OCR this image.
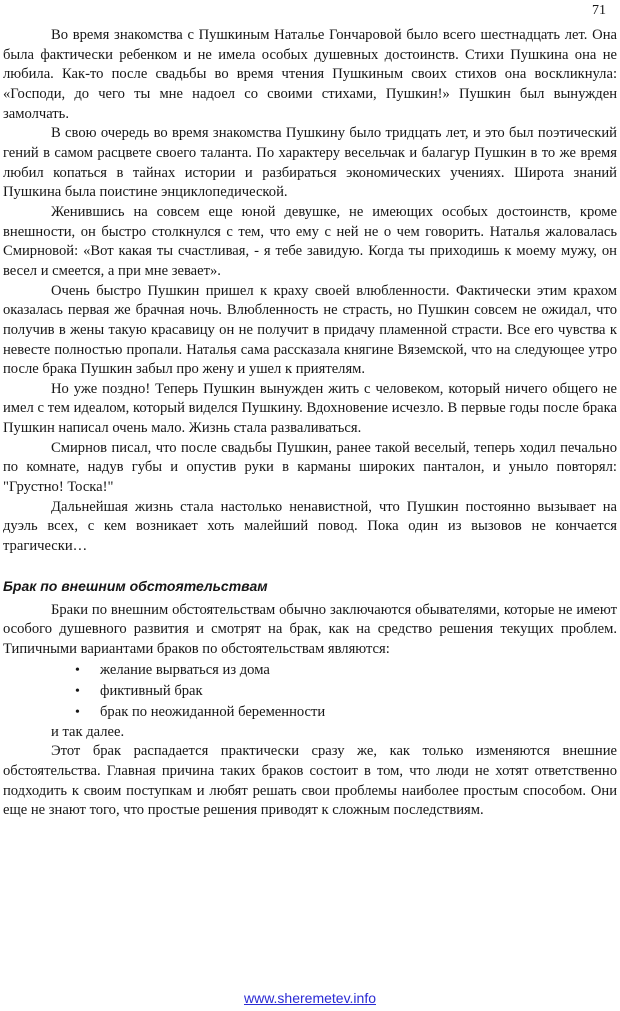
71

Во время знакомства с Пушкиным Наталье Гончаровой было всего шестнадцать лет. Она была фактически ребенком и не имела особых душевных достоинств. Стихи Пушкина она не любила. Как-то после свадьбы во время чтения Пушкиным своих стихов она воскликнула: «Господи, до чего ты мне надоел со своими стихами, Пушкин!» Пушкин был вынужден замолчать.

В свою очередь во время знакомства Пушкину было тридцать лет, и это был поэтический гений в самом расцвете своего таланта. По характеру весельчак и балагур Пушкин в то же время любил копаться в тайнах истории и разбираться экономических учениях. Широта знаний Пушкина была поистине энциклопедической.

Женившись на совсем еще юной девушке, не имеющих особых достоинств, кроме внешности, он быстро столкнулся с тем, что ему с ней не о чем говорить. Наталья жаловалась Смирновой: «Вот какая ты счастливая, - я тебе завидую. Когда ты приходишь к моему мужу, он весел и смеется, а при мне зевает».

Очень быстро Пушкин пришел к краху своей влюбленности. Фактически этим крахом оказалась первая же брачная ночь. Влюбленность не страсть, но Пушкин совсем не ожидал, что получив в жены такую красавицу он не получит в придачу пламенной страсти. Все его чувства к невесте полностью пропали. Наталья сама рассказала княгине Вяземской, что на следующее утро после брака Пушкин забыл про жену и ушел к приятелям.

Но уже поздно! Теперь Пушкин вынужден жить с человеком, который ничего общего не имел с тем идеалом, который виделся Пушкину. Вдохновение исчезло. В первые годы после брака Пушкин написал очень мало. Жизнь стала разваливаться.

Смирнов писал, что после свадьбы Пушкин, ранее такой веселый, теперь ходил печально по комнате, надув губы и опустив руки в карманы широких панталон, и уныло повторял: "Грустно! Тоска!"

Дальнейшая жизнь стала настолько ненавистной, что Пушкин постоянно вызывает на дуэль всех, с кем возникает хоть малейший повод. Пока один из вызовов не кончается трагически…

Брак по внешним обстоятельствам

Браки по внешним обстоятельствам обычно заключаются обывателями, которые не имеют особого душевного развития и смотрят на брак, как на средство решения текущих проблем. Типичными вариантами браков по обстоятельствам являются:

• желание вырваться из дома
• фиктивный брак
• брак по неожиданной беременности
и так далее.

Этот брак распадается практически сразу же, как только изменяются внешние обстоятельства. Главная причина таких браков состоит в том, что люди не хотят ответственно подходить к своим поступкам и любят решать свои проблемы наиболее простым способом. Они еще не знают того, что простые решения приводят к сложным последствиям.

www.sheremetev.info
